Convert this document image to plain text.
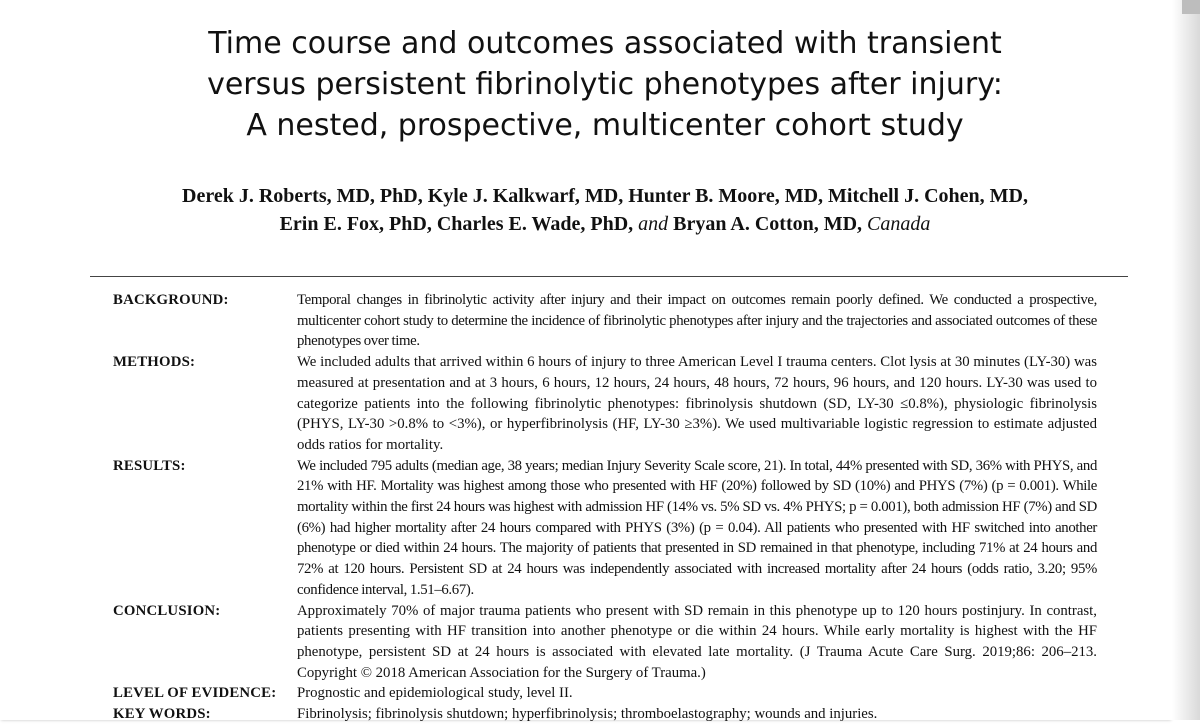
Time course and outcomes associated with transient
versus persistent fibrinolytic phenotypes after injury:
A nested, prospective, multicenter cohort study
Derek J. Roberts, MD, PhD, Kyle J. Kalkwarf, MD, Hunter B. Moore, MD, Mitchell J. Cohen, MD,
Erin E. Fox, PhD, Charles E. Wade, PhD, and Bryan A. Cotton, MD, Canada
BACKGROUND:	Temporal changes in fibrinolytic activity after injury and their impact on outcomes remain poorly defined. We conducted a prospective, multicenter cohort study to determine the incidence of fibrinolytic phenotypes after injury and the trajectories and associated outcomes of these phenotypes over time.
METHODS:	We included adults that arrived within 6 hours of injury to three American Level I trauma centers. Clot lysis at 30 minutes (LY-30) was measured at presentation and at 3 hours, 6 hours, 12 hours, 24 hours, 48 hours, 72 hours, 96 hours, and 120 hours. LY-30 was used to categorize patients into the following fibrinolytic phenotypes: fibrinolysis shutdown (SD, LY-30 ≤0.8%), physiologic fibrinolysis (PHYS, LY-30 >0.8% to <3%), or hyperfibrinolysis (HF, LY-30 ≥3%). We used multivariable logistic regression to estimate adjusted odds ratios for mortality.
RESULTS:	We included 795 adults (median age, 38 years; median Injury Severity Scale score, 21). In total, 44% presented with SD, 36% with PHYS, and 21% with HF. Mortality was highest among those who presented with HF (20%) followed by SD (10%) and PHYS (7%) (p = 0.001). While mortality within the first 24 hours was highest with admission HF (14% vs. 5% SD vs. 4% PHYS; p = 0.001), both admission HF (7%) and SD (6%) had higher mortality after 24 hours compared with PHYS (3%) (p = 0.04). All patients who presented with HF switched into another phenotype or died within 24 hours. The majority of patients that presented in SD remained in that phenotype, including 71% at 24 hours and 72% at 120 hours. Persistent SD at 24 hours was independently associated with increased mortality after 24 hours (odds ratio, 3.20; 95% confidence interval, 1.51–6.67).
CONCLUSION:	Approximately 70% of major trauma patients who present with SD remain in this phenotype up to 120 hours postinjury. In contrast, patients presenting with HF transition into another phenotype or die within 24 hours. While early mortality is highest with the HF phenotype, persistent SD at 24 hours is associated with elevated late mortality. (J Trauma Acute Care Surg. 2019;86: 206–213. Copyright © 2018 American Association for the Surgery of Trauma.)
LEVEL OF EVIDENCE:	Prognostic and epidemiological study, level II.
KEY WORDS:	Fibrinolysis; fibrinolysis shutdown; hyperfibrinolysis; thromboelastography; wounds and injuries.
